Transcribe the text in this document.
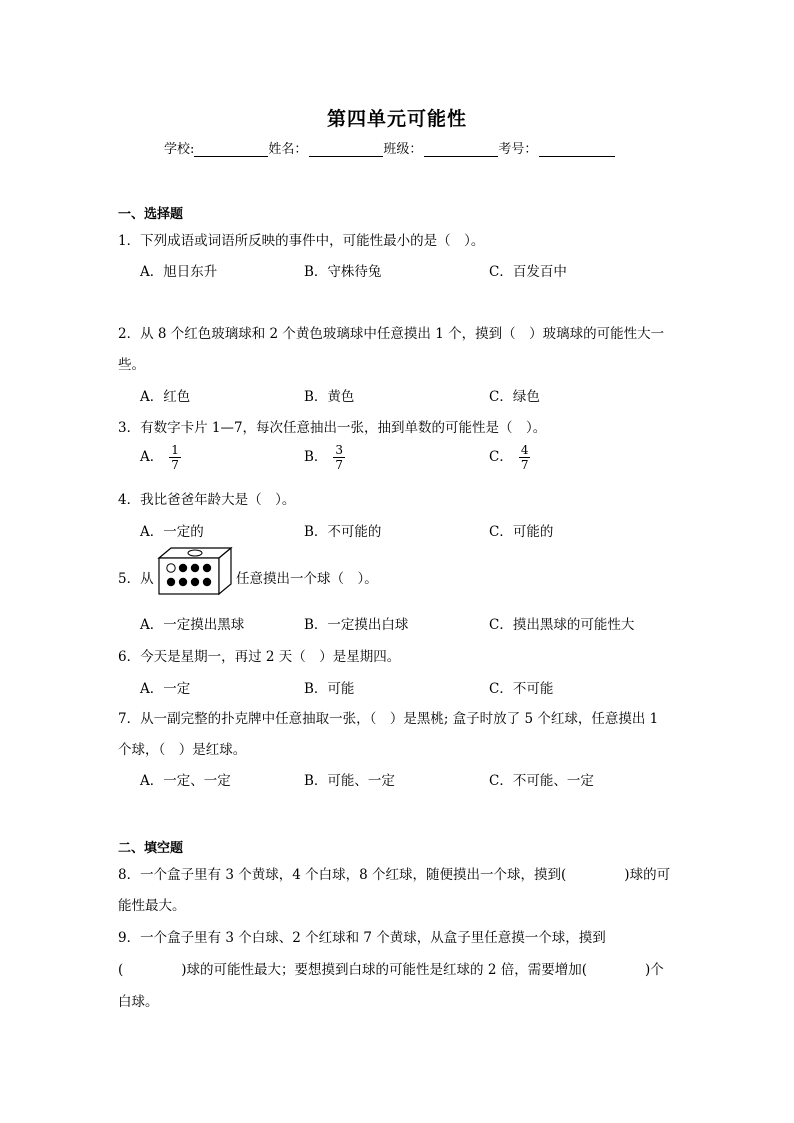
第四单元可能性
学校:	姓名：	班级：	考号：
一、选择题
1．下列成语或词语所反映的事件中，可能性最小的是（　）。
A．旭日东升	B．守株待兔	C．百发百中
2．从 8 个红色玻璃球和 2 个黄色玻璃球中任意摸出 1 个，摸到（　）玻璃球的可能性大一
些。
A．红色	B．黄色	C．绿色
3．有数字卡片 1—7，每次任意抽出一张，抽到单数的可能性是（　）。
A． $\frac{1}{7}$	B． $\frac{3}{7}$	C． $\frac{4}{7}$
4．我比爸爸年龄大是（　）。
A．一定的	B．不可能的	C．可能的
5．从	任意摸出一个球（　）。
A．一定摸出黑球	B．一定摸出白球	C．摸出黑球的可能性大
6．今天是星期一，再过 2 天（　）是星期四。
A．一定	B．可能	C．不可能
7．从一副完整的扑克牌中任意抽取一张，（　）是黑桃; 盒子时放了 5 个红球，任意摸出 1
个球，（　）是红球。
A．一定、一定	B．可能、一定	C．不可能、一定
二、填空题
8．一个盒子里有 3 个黄球，4 个白球，8 个红球，随便摸出一个球，摸到(	)球的可
能性最大。
9．一个盒子里有 3 个白球、2 个红球和 7 个黄球，从盒子里任意摸一个球，摸到
(	)球的可能性最大；要想摸到白球的可能性是红球的 2 倍，需要增加(	)个
白球。
